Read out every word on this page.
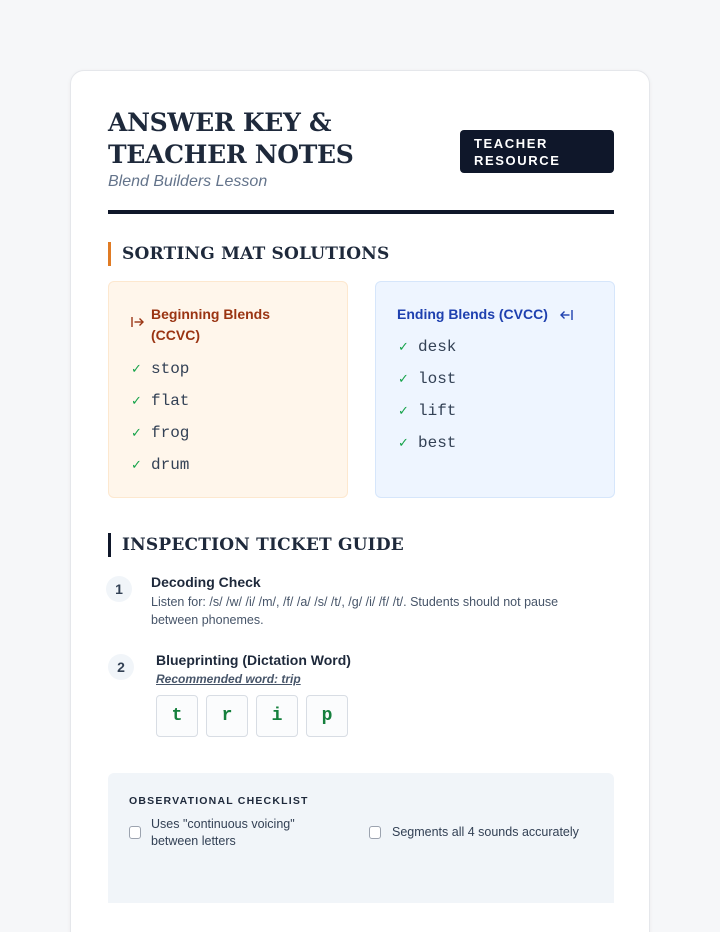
ANSWER KEY & TEACHER NOTES
Blend Builders Lesson
TEACHER RESOURCE
SORTING MAT SOLUTIONS
Beginning Blends (CCVC)
✓ stop
✓ flat
✓ frog
✓ drum
Ending Blends (CVCC)
✓ desk
✓ lost
✓ lift
✓ best
INSPECTION TICKET GUIDE
1	Decoding Check
Listen for: /s/ /w/ /i/ /m/, /f/ /a/ /s/ /t/, /g/ /i/ /f/ /t/. Students should not pause between phonemes.
2	Blueprinting (Dictation Word)
Recommended word: trip
t	r	i	p
OBSERVATIONAL CHECKLIST
Uses "continuous voicing" between letters
Segments all 4 sounds accurately
